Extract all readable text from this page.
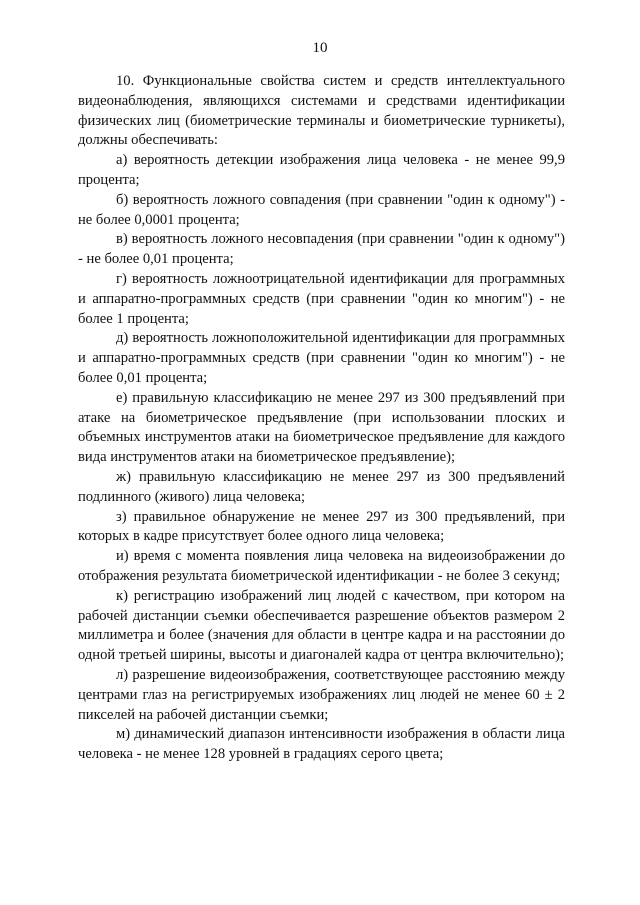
10

10. Функциональные свойства систем и средств интеллектуального видеонаблюдения, являющихся системами и средствами идентификации физических лиц (биометрические терминалы и биометрические турникеты), должны обеспечивать:

а) вероятность детекции изображения лица человека - не менее 99,9 процента;

б) вероятность ложного совпадения (при сравнении "один к одному") - не более 0,0001 процента;

в) вероятность ложного несовпадения (при сравнении "один к одному") - не более 0,01 процента;

г) вероятность ложноотрицательной идентификации для программных и аппаратно-программных средств (при сравнении "один ко многим") - не более 1 процента;

д) вероятность ложноположительной идентификации для программных и аппаратно-программных средств (при сравнении "один ко многим") - не более 0,01 процента;

е) правильную классификацию не менее 297 из 300 предъявлений при атаке на биометрическое предъявление (при использовании плоских и объемных инструментов атаки на биометрическое предъявление для каждого вида инструментов атаки на биометрическое предъявление);

ж) правильную классификацию не менее 297 из 300 предъявлений подлинного (живого) лица человека;

з) правильное обнаружение не менее 297 из 300 предъявлений, при которых в кадре присутствует более одного лица человека;

и) время с момента появления лица человека на видеоизображении до отображения результата биометрической идентификации - не более 3 секунд;

к) регистрацию изображений лиц людей с качеством, при котором на рабочей дистанции съемки обеспечивается разрешение объектов размером 2 миллиметра и более (значения для области в центре кадра и на расстоянии до одной третьей ширины, высоты и диагоналей кадра от центра включительно);

л) разрешение видеоизображения, соответствующее расстоянию между центрами глаз на регистрируемых изображениях лиц людей не менее 60 ± 2 пикселей на рабочей дистанции съемки;

м) динамический диапазон интенсивности изображения в области лица человека - не менее 128 уровней в градациях серого цвета;
